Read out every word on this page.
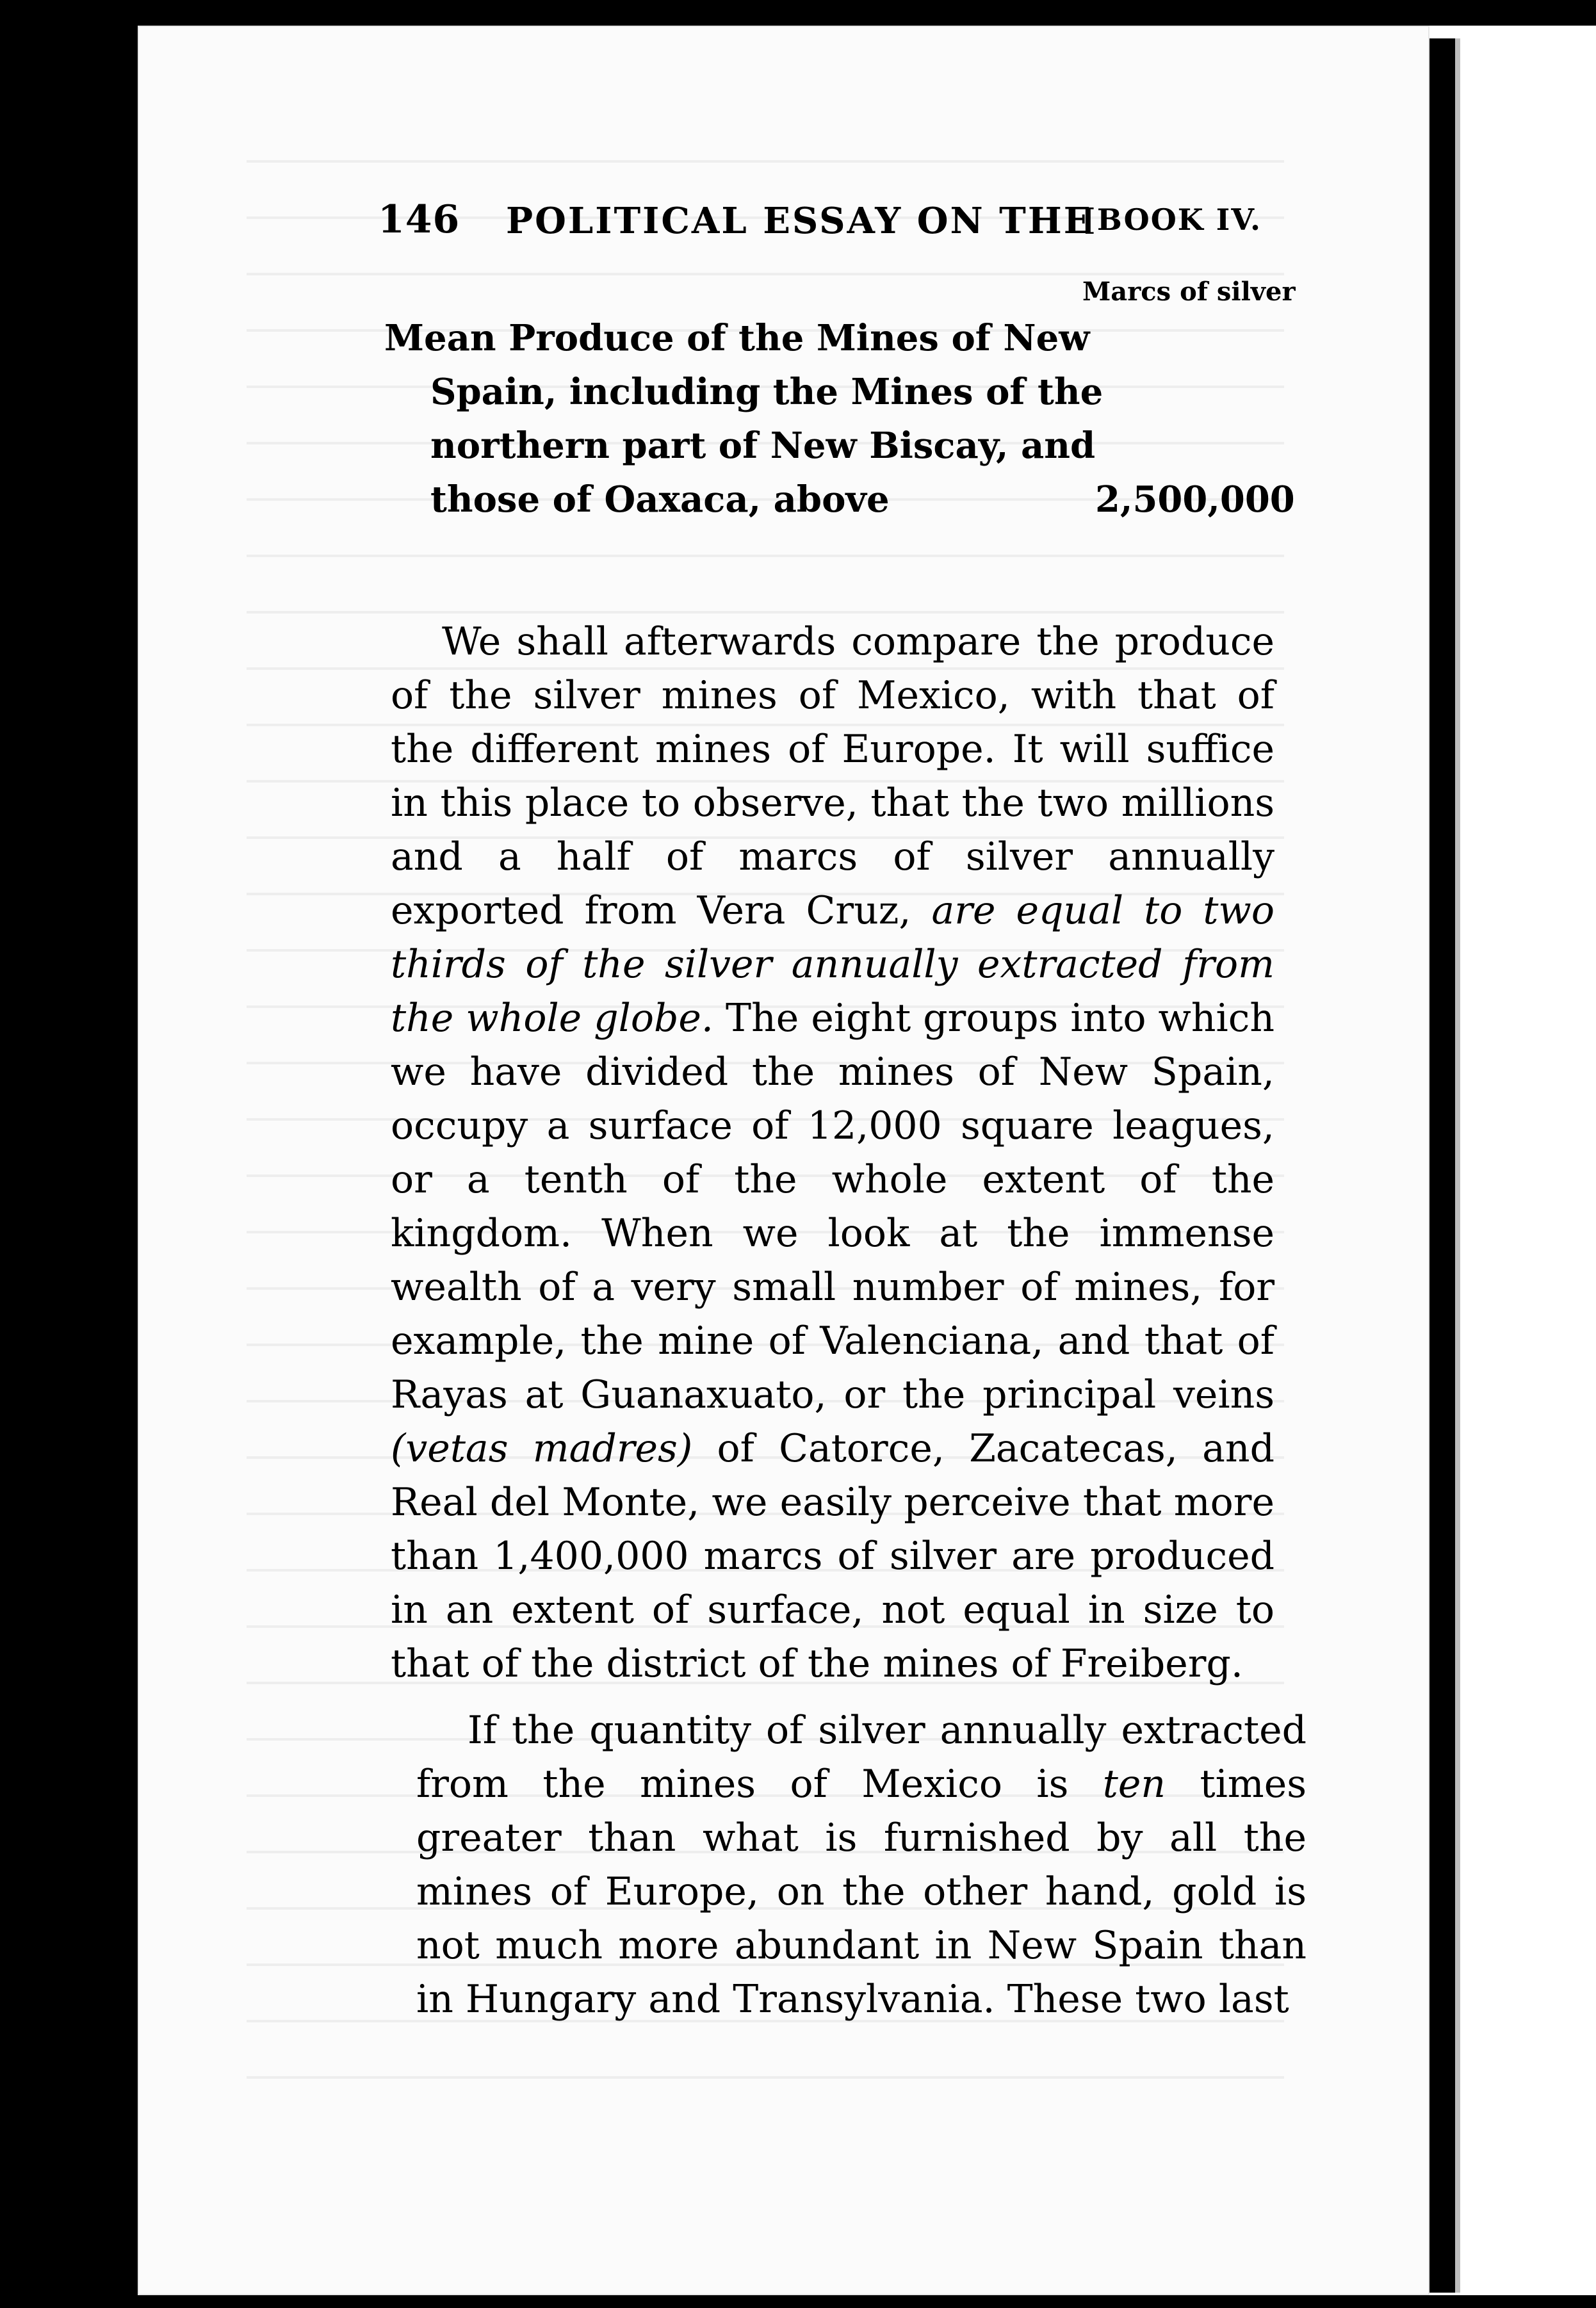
146 POLITICAL ESSAY ON THE
[BOOK IV.
Marcs of silver
Mean Produce of the Mines of New
Spain, including the Mines of the
northern part of New Biscay, and
those of Oaxaca, above	2,500,000

We shall afterwards compare the produce of the silver mines of Mexico, with that of the different mines of Europe. It will suffice in this place to observe, that the two millions and a half of marcs of silver annually exported from Vera Cruz, are equal to two thirds of the silver annually extracted from the whole globe. The eight groups into which we have divided the mines of New Spain, occupy a surface of 12,000 square leagues, or a tenth of the whole extent of the kingdom. When we look at the immense wealth of a very small number of mines, for example, the mine of Valenciana, and that of Rayas at Guanaxuato, or the principal veins (vetas madres) of Catorce, Zacatecas, and Real del Monte, we easily perceive that more than 1,400,000 marcs of silver are produced in an extent of surface, not equal in size to that of the district of the mines of Freiberg.

If the quantity of silver annually extracted from the mines of Mexico is ten times greater than what is furnished by all the mines of Europe, on the other hand, gold is not much more abundant in New Spain than in Hungary and Transylvania. These two last
